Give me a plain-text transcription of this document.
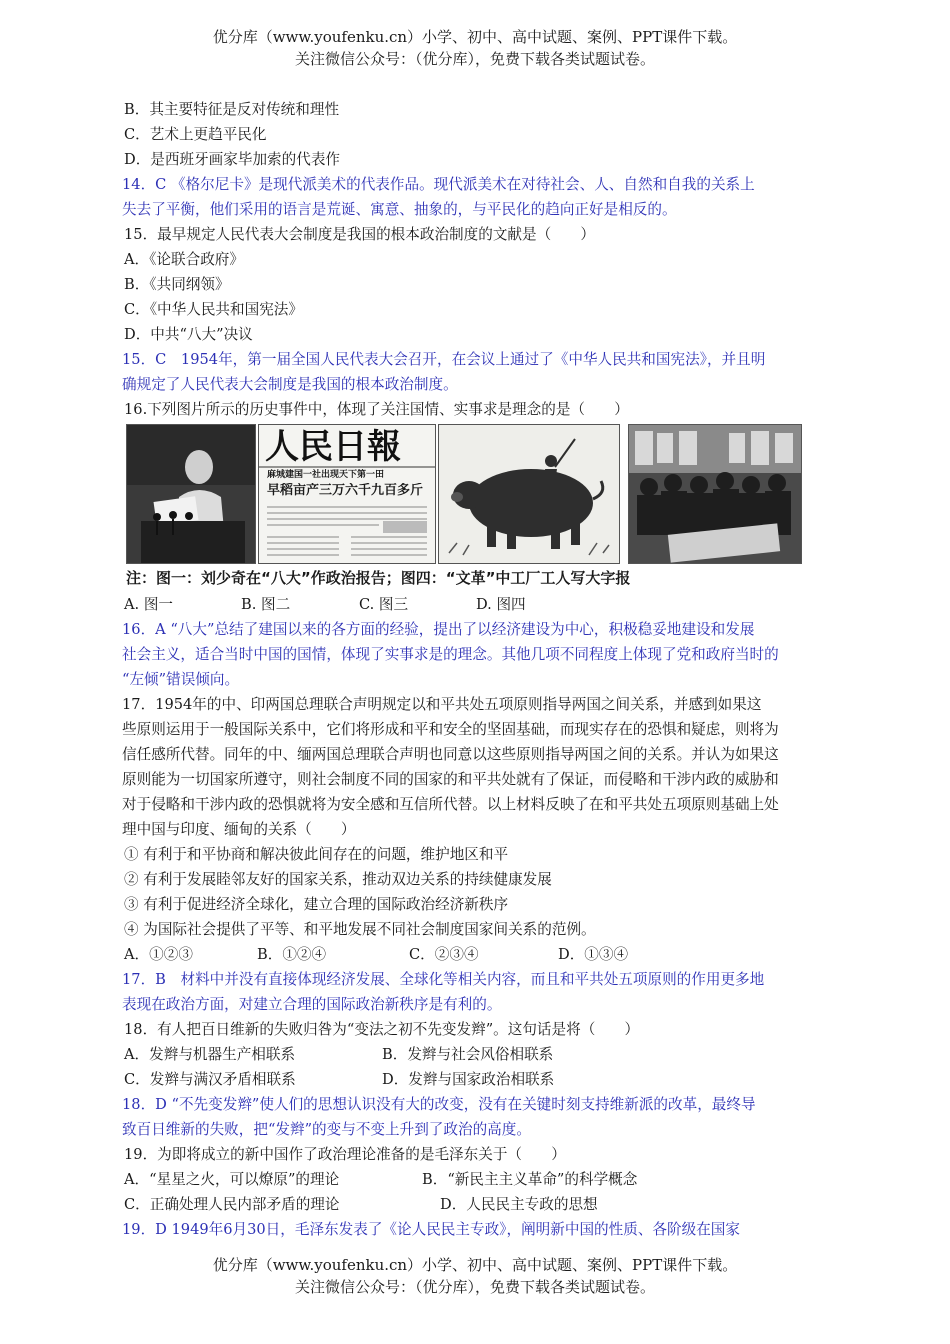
优分库（www.youfenku.cn）小学、初中、高中试题、案例、PPT课件下载。
关注微信公众号：（优分库），免费下载各类试题试卷。
B．其主要特征是反对传统和理性
C．艺术上更趋平民化
D．是西班牙画家毕加索的代表作
14．C 《格尔尼卡》是现代派美术的代表作品。现代派美术在对待社会、人、自然和自我的关系上
失去了平衡，他们采用的语言是荒诞、寓意、抽象的，与平民化的趋向正好是相反的。
15．最早规定人民代表大会制度是我国的根本政治制度的文献是（　　）
A．《论联合政府》
B．《共同纲领》
C．《中华人民共和国宪法》
D．中共“八大”决议
15．C　1954年，第一届全国人民代表大会召开，在会议上通过了《中华人民共和国宪法》，并且明
确规定了人民代表大会制度是我国的根本政治制度。
16.下列图片所示的历史事件中，体现了关注国情、实事求是理念的是（　　）
人民日報
麻城建国一社出现天下第一田
早稻亩产三万六千九百多斤
注：图一：刘少奇在“八大”作政治报告；图四：“文革”中工厂工人写大字报
A. 图一	B. 图二	C. 图三	D. 图四
16．A “八大”总结了建国以来的各方面的经验，提出了以经济建设为中心，积极稳妥地建设和发展
社会主义，适合当时中国的国情，体现了实事求是的理念。其他几项不同程度上体现了党和政府当时的
“左倾”错误倾向。
17．1954年的中、印两国总理联合声明规定以和平共处五项原则指导两国之间关系，并感到如果这
些原则运用于一般国际关系中，它们将形成和平和安全的坚固基础，而现实存在的恐惧和疑虑，则将为
信任感所代替。同年的中、缅两国总理联合声明也同意以这些原则指导两国之间的关系。并认为如果这
原则能为一切国家所遵守，则社会制度不同的国家的和平共处就有了保证，而侵略和干涉内政的威胁和
对于侵略和干涉内政的恐惧就将为安全感和互信所代替。以上材料反映了在和平共处五项原则基础上处
理中国与印度、缅甸的关系（　　）
① 有利于和平协商和解决彼此间存在的问题，维护地区和平
② 有利于发展睦邻友好的国家关系，推动双边关系的持续健康发展
③ 有利于促进经济全球化，建立合理的国际政治经济新秩序
④ 为国际社会提供了平等、和平地发展不同社会制度国家间关系的范例。
A．①②③	B．①②④	C．②③④	D．①③④
17．B　材料中并没有直接体现经济发展、全球化等相关内容，而且和平共处五项原则的作用更多地
表现在政治方面，对建立合理的国际政治新秩序是有利的。
18．有人把百日维新的失败归咎为“变法之初不先变发辫”。这句话是将（　　）
A．发辫与机器生产相联系	B．发辫与社会风俗相联系
C．发辫与满汉矛盾相联系	D．发辫与国家政治相联系
18．D “不先变发辫”使人们的思想认识没有大的改变，没有在关键时刻支持维新派的改革，最终导
致百日维新的失败，把“发辫”的变与不变上升到了政治的高度。
19．为即将成立的新中国作了政治理论准备的是毛泽东关于（　　）
A．“星星之火，可以燎原”的理论	B．“新民主主义革命”的科学概念
C．正确处理人民内部矛盾的理论	D．人民民主专政的思想
19．D 1949年6月30日，毛泽东发表了《论人民民主专政》，阐明新中国的性质、各阶级在国家
优分库（www.youfenku.cn）小学、初中、高中试题、案例、PPT课件下载。
关注微信公众号：（优分库），免费下载各类试题试卷。
